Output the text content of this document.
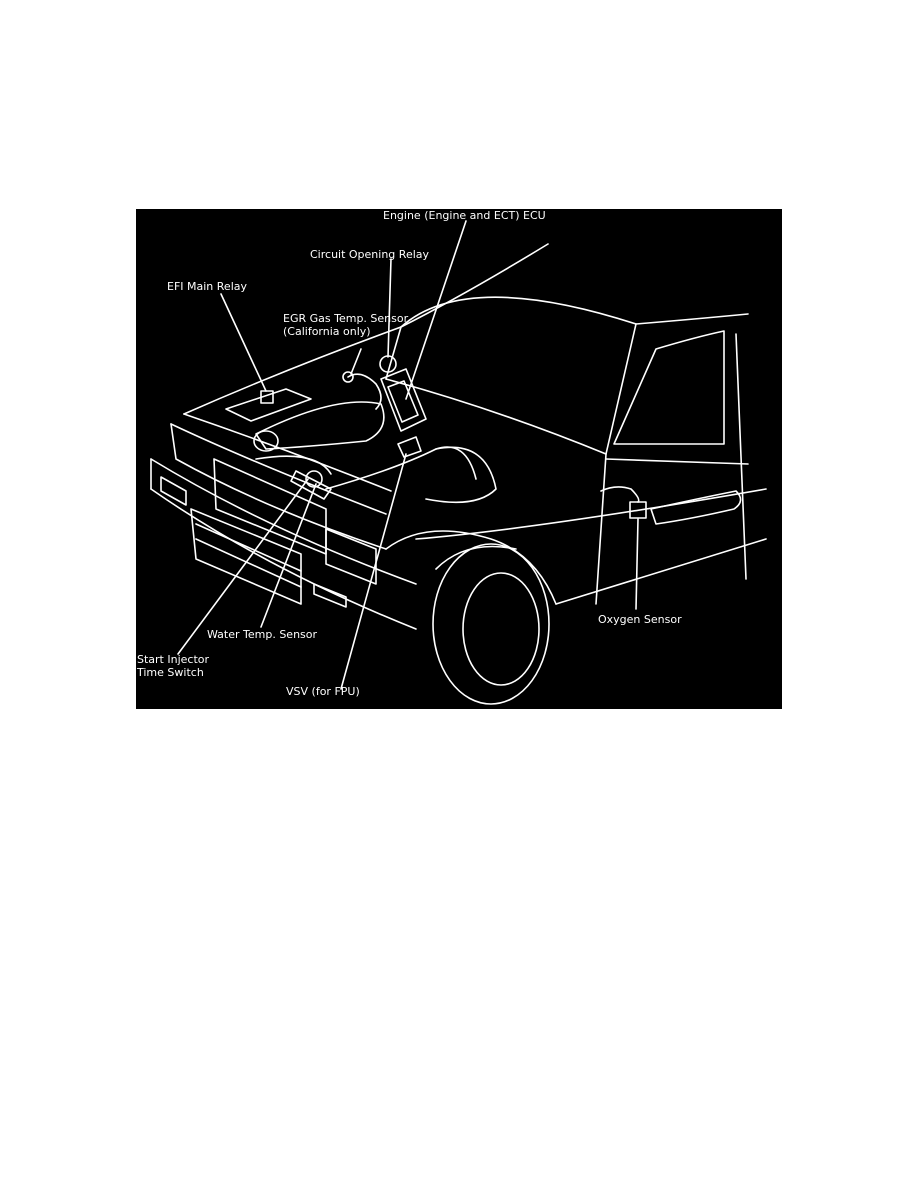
Engine (Engine and ECT) ECU
Circuit Opening Relay
EFI Main Relay
EGR Gas Temp. Sensor
(California only)
Oxygen Sensor
Water Temp. Sensor
Start Injector
Time Switch
VSV (for FPU)
